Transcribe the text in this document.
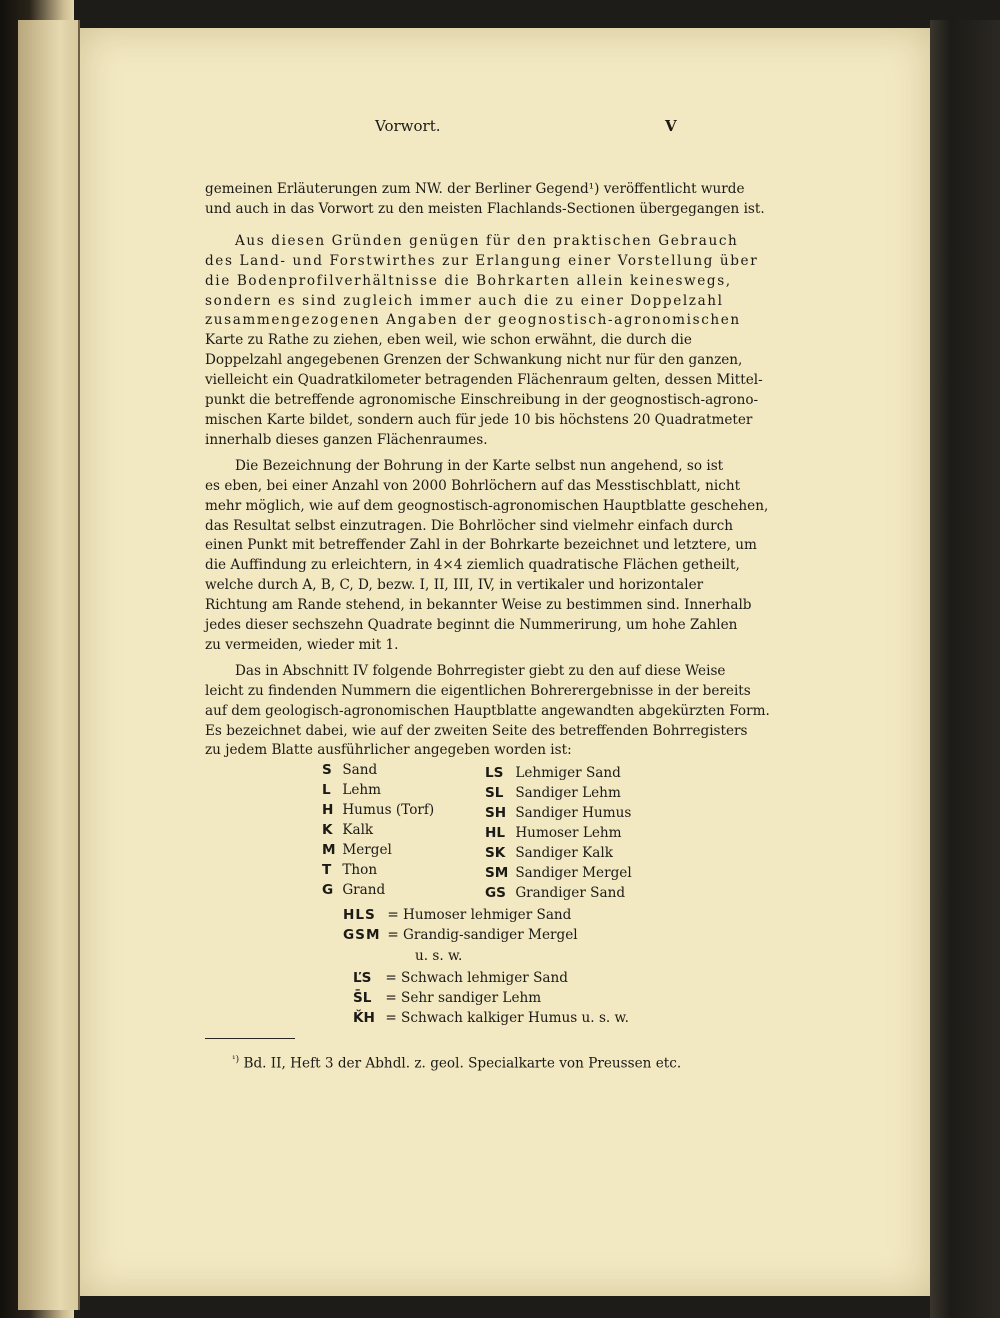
Vorwort.	V

gemeinen Erläuterungen zum NW. der Berliner Gegend¹) veröffentlicht wurde
und auch in das Vorwort zu den meisten Flachlands-Sectionen übergegangen ist.

Aus diesen Gründen genügen für den praktischen Gebrauch
des Land- und Forstwirthes zur Erlangung einer Vorstellung über
die Bodenprofilverhältnisse die Bohrkarten allein keineswegs,
sondern es sind zugleich immer auch die zu einer Doppelzahl
zusammengezogenen Angaben der geognostisch-agronomischen
Karte zu Rathe zu ziehen, eben weil, wie schon erwähnt, die durch die
Doppelzahl angegebenen Grenzen der Schwankung nicht nur für den ganzen,
vielleicht ein Quadratkilometer betragenden Flächenraum gelten, dessen Mittel-
punkt die betreffende agronomische Einschreibung in der geognostisch-agrono-
mischen Karte bildet, sondern auch für jede 10 bis höchstens 20 Quadratmeter
innerhalb dieses ganzen Flächenraumes.

Die Bezeichnung der Bohrung in der Karte selbst nun angehend, so ist
es eben, bei einer Anzahl von 2000 Bohrlöchern auf das Messtischblatt, nicht
mehr möglich, wie auf dem geognostisch-agronomischen Hauptblatte geschehen,
das Resultat selbst einzutragen. Die Bohrlöcher sind vielmehr einfach durch
einen Punkt mit betreffender Zahl in der Bohrkarte bezeichnet und letztere, um
die Auffindung zu erleichtern, in 4×4 ziemlich quadratische Flächen getheilt,
welche durch A, B, C, D, bezw. I, II, III, IV, in vertikaler und horizontaler
Richtung am Rande stehend, in bekannter Weise zu bestimmen sind. Innerhalb
jedes dieser sechszehn Quadrate beginnt die Nummerirung, um hohe Zahlen
zu vermeiden, wieder mit 1.

Das in Abschnitt IV folgende Bohrregister giebt zu den auf diese Weise
leicht zu findenden Nummern die eigentlichen Bohrerergebnisse in der bereits
auf dem geologisch-agronomischen Hauptblatte angewandten abgekürzten Form.
Es bezeichnet dabei, wie auf der zweiten Seite des betreffenden Bohrregisters
zu jedem Blatte ausführlicher angegeben worden ist:

S Sand
L Lehm
H Humus (Torf)
K Kalk
M Mergel
T Thon
G Grand
LS Lehmiger Sand
SL Sandiger Lehm
SH Sandiger Humus
HL Humoser Lehm
SK Sandiger Kalk
SM Sandiger Mergel
GS Grandiger Sand
HLS = Humoser lehmiger Sand
GSM = Grandig-sandiger Mergel
u. s. w.
ĽS = Schwach lehmiger Sand
S̄L = Sehr sandiger Lehm
ǨH = Schwach kalkiger Humus u. s. w.
$^{^1)}$ Bd. II, Heft 3 der Abhdl. z. geol. Specialkarte von Preussen etc.
